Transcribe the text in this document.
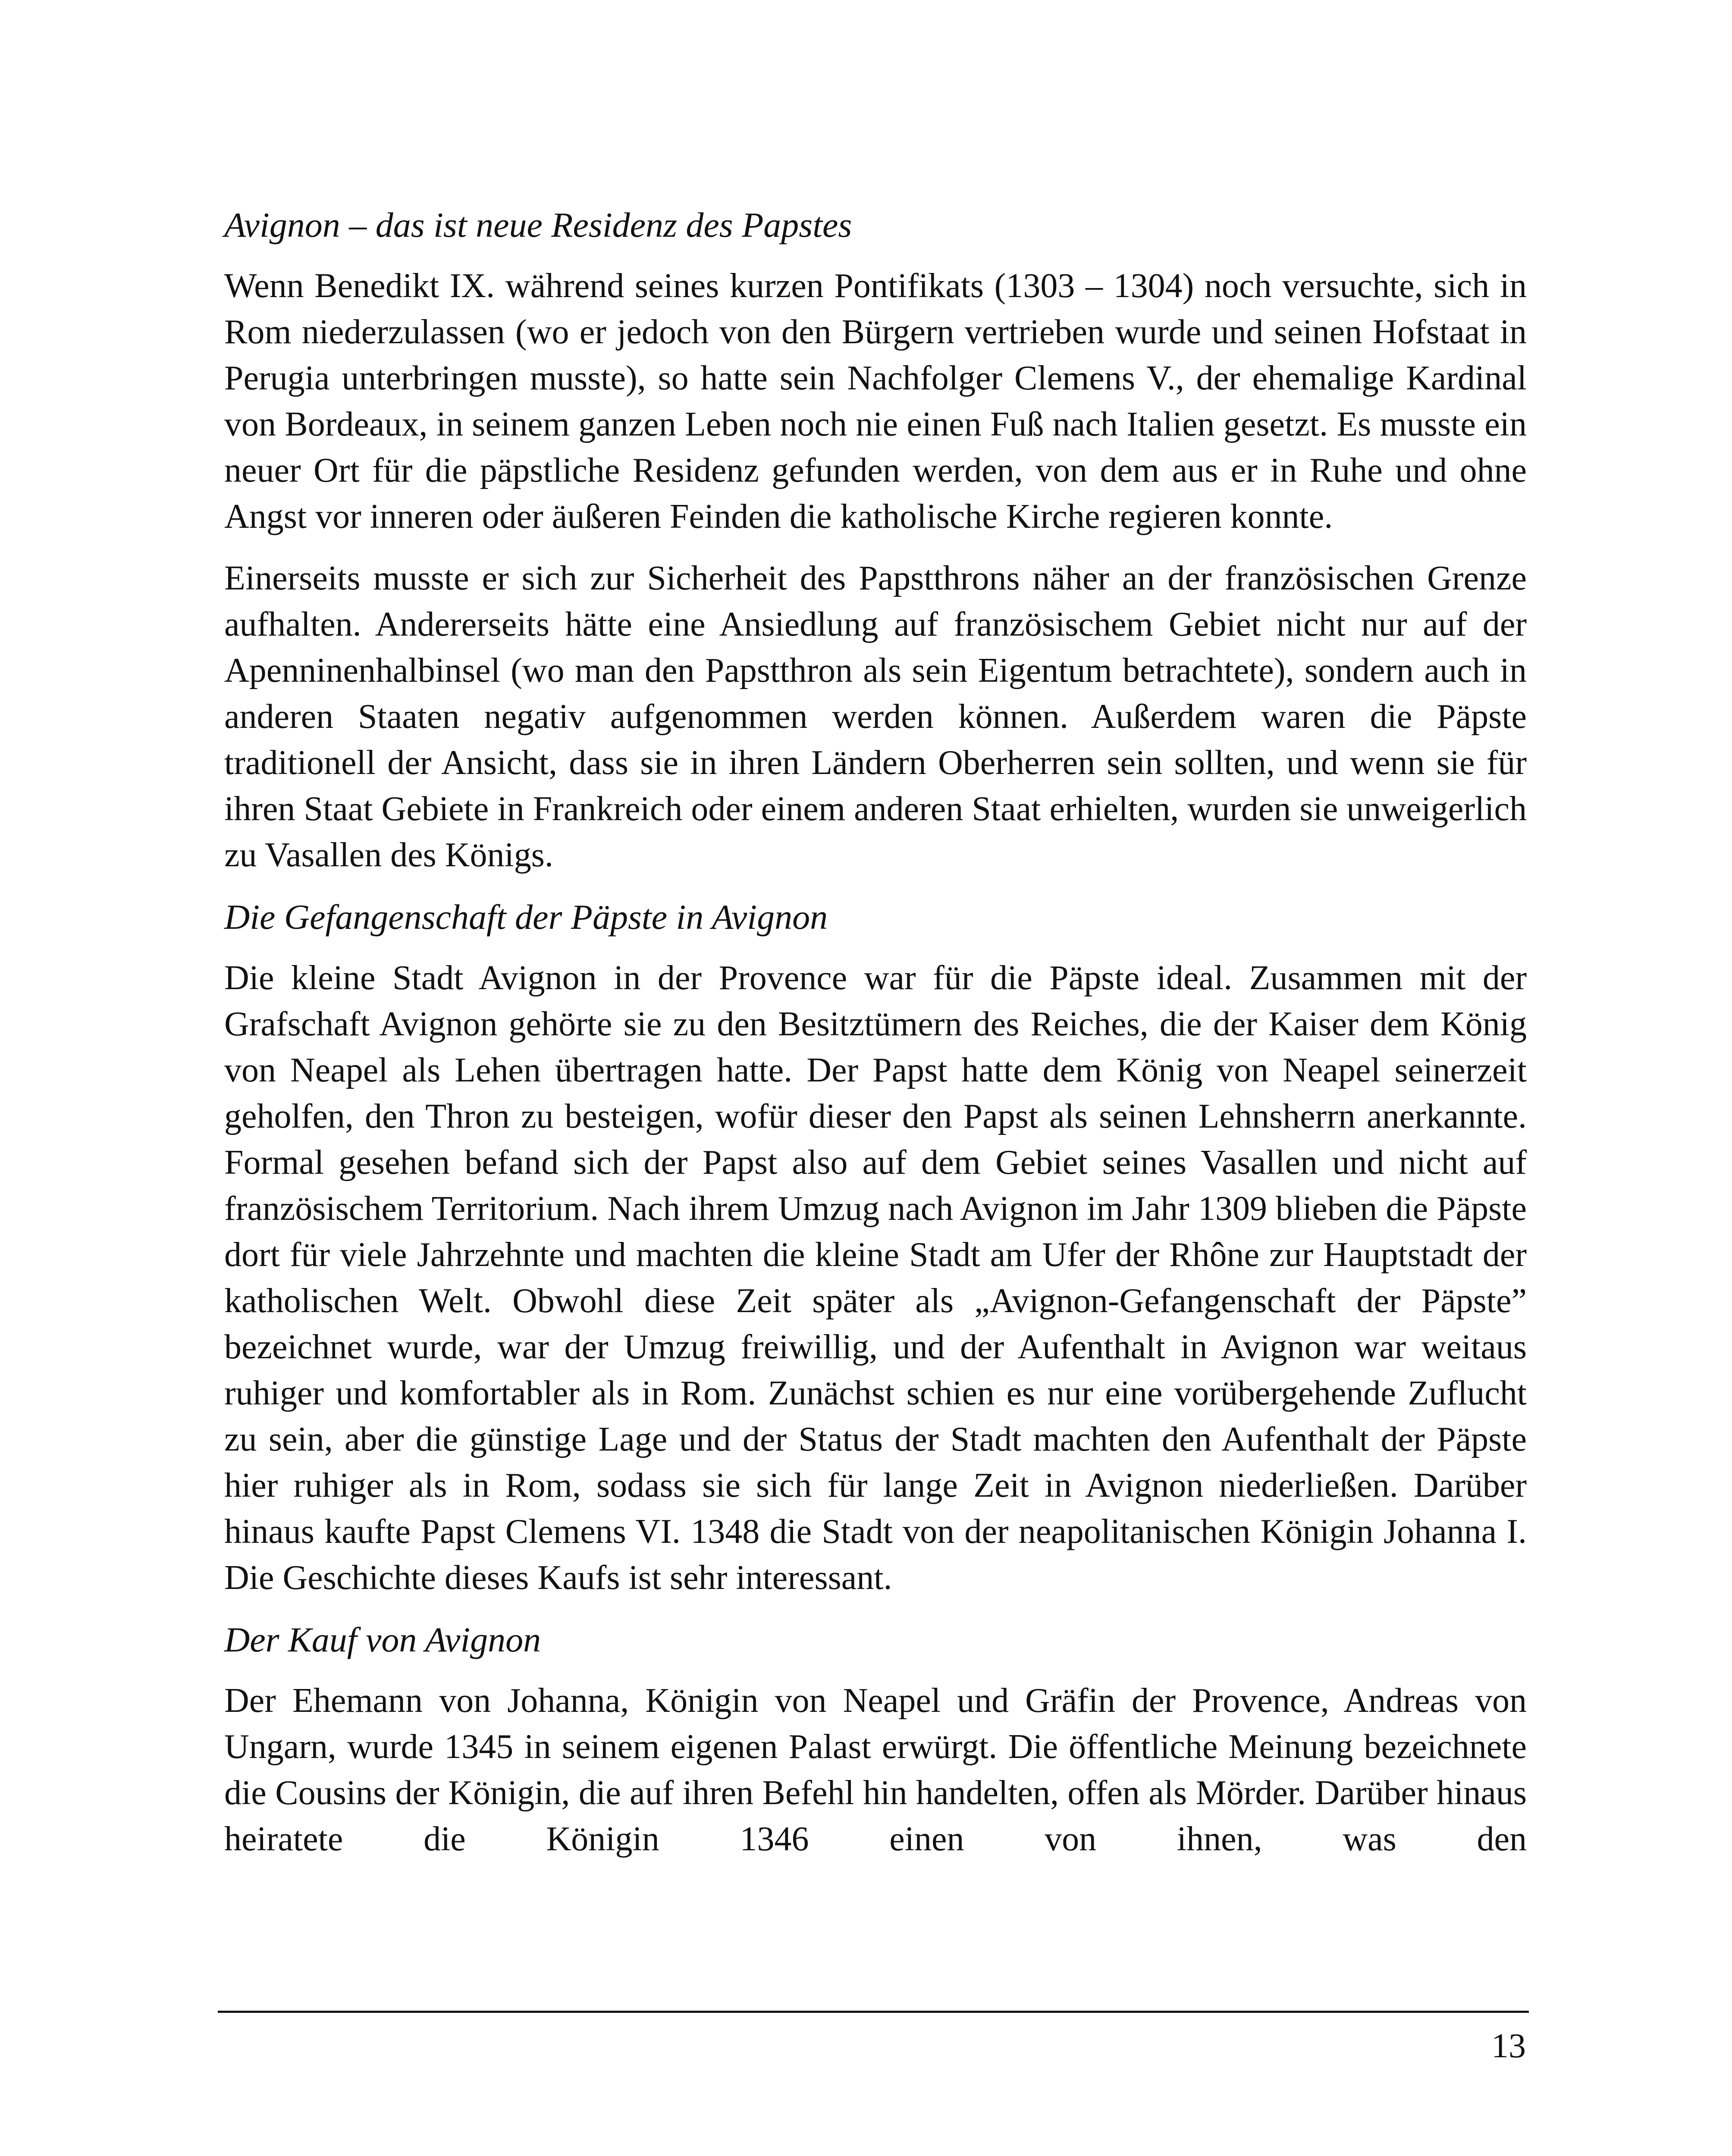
Avignon – das ist neue Residenz des Papstes

Wenn Benedikt IX. während seines kurzen Pontifikats (1303 – 1304) noch versuchte, sich in Rom niederzulassen (wo er jedoch von den Bürgern vertrieben wurde und seinen Hofstaat in Perugia unterbringen musste), so hatte sein Nachfolger Clemens V., der ehemalige Kardinal von Bordeaux, in seinem ganzen Leben noch nie einen Fuß nach Italien gesetzt. Es musste ein neuer Ort für die päpstliche Residenz gefunden werden, von dem aus er in Ruhe und ohne Angst vor inneren oder äußeren Feinden die katholische Kirche regieren konnte.

Einerseits musste er sich zur Sicherheit des Papstthrons näher an der französischen Grenze aufhalten. Andererseits hätte eine Ansiedlung auf französischem Gebiet nicht nur auf der Apenninenhalbinsel (wo man den Papstthron als sein Eigentum betrachtete), sondern auch in anderen Staaten negativ aufgenommen werden können. Außerdem waren die Päpste traditionell der Ansicht, dass sie in ihren Ländern Oberherren sein sollten, und wenn sie für ihren Staat Gebiete in Frankreich oder einem anderen Staat erhielten, wurden sie unweigerlich zu Vasallen des Königs.

Die Gefangenschaft der Päpste in Avignon

Die kleine Stadt Avignon in der Provence war für die Päpste ideal. Zusammen mit der Grafschaft Avignon gehörte sie zu den Besitztümern des Reiches, die der Kaiser dem König von Neapel als Lehen übertragen hatte. Der Papst hatte dem König von Neapel seinerzeit geholfen, den Thron zu besteigen, wofür dieser den Papst als seinen Lehnsherrn anerkannte. Formal gesehen befand sich der Papst also auf dem Gebiet seines Vasallen und nicht auf französischem Territorium. Nach ihrem Umzug nach Avignon im Jahr 1309 blieben die Päpste dort für viele Jahrzehnte und machten die kleine Stadt am Ufer der Rhône zur Hauptstadt der katholischen Welt. Obwohl diese Zeit später als „Avignon-Gefangenschaft der Päpste” bezeichnet wurde, war der Umzug freiwillig, und der Aufenthalt in Avignon war weitaus ruhiger und komfortabler als in Rom. Zunächst schien es nur eine vorübergehende Zuflucht zu sein, aber die günstige Lage und der Status der Stadt machten den Aufenthalt der Päpste hier ruhiger als in Rom, sodass sie sich für lange Zeit in Avignon niederließen. Darüber hinaus kaufte Papst Clemens VI. 1348 die Stadt von der neapolitanischen Königin Johanna I. Die Geschichte dieses Kaufs ist sehr interessant.

Der Kauf von Avignon

Der Ehemann von Johanna, Königin von Neapel und Gräfin der Provence, Andreas von Ungarn, wurde 1345 in seinem eigenen Palast erwürgt. Die öffentliche Meinung bezeichnete die Cousins der Königin, die auf ihren Befehl hin handelten, offen als Mörder. Darüber hinaus heiratete die Königin 1346 einen von ihnen, was den

13
